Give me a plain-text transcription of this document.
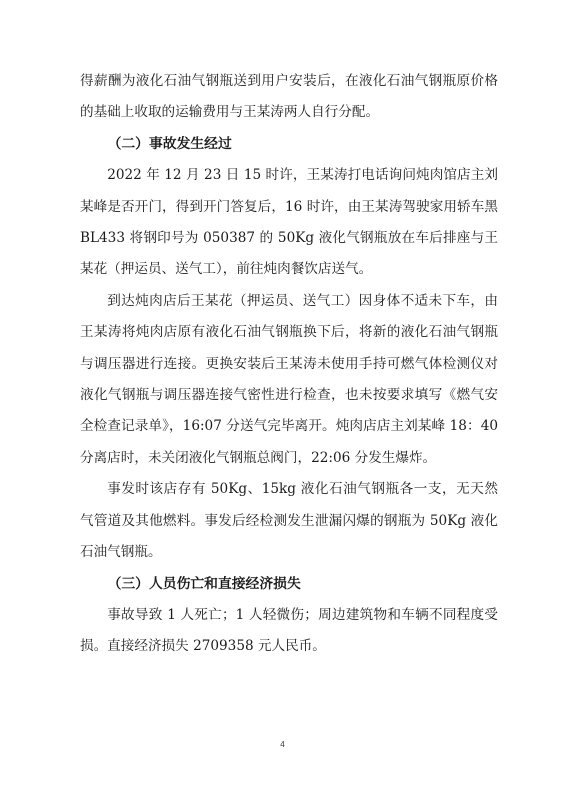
得薪酬为液化石油气钢瓶送到用户安装后，在液化石油气钢瓶原价格的基础上收取的运输费用与王某涛两人自行分配。

（二）事故发生经过

2022 年 12 月 23 日 15 时许，王某涛打电话询问炖肉馆店主刘某峰是否开门，得到开门答复后，16 时许，由王某涛驾驶家用轿车黑 BL433 将钢印号为 050387 的 50Kg 液化气钢瓶放在车后排座与王某花（押运员、送气工），前往炖肉餐饮店送气。

到达炖肉店后王某花（押运员、送气工）因身体不适未下车，由王某涛将炖肉店原有液化石油气钢瓶换下后，将新的液化石油气钢瓶与调压器进行连接。更换安装后王某涛未使用手持可燃气体检测仪对液化气钢瓶与调压器连接气密性进行检查，也未按要求填写《燃气安全检查记录单》，16:07 分送气完毕离开。炖肉店店主刘某峰 18：40 分离店时，未关闭液化气钢瓶总阀门，22:06 分发生爆炸。

事发时该店存有 50Kg、15kg 液化石油气钢瓶各一支，无天然气管道及其他燃料。事发后经检测发生泄漏闪爆的钢瓶为 50Kg 液化石油气钢瓶。

（三）人员伤亡和直接经济损失

事故导致 1 人死亡；1 人轻微伤；周边建筑物和车辆不同程度受损。直接经济损失 2709358 元人民币。

4
